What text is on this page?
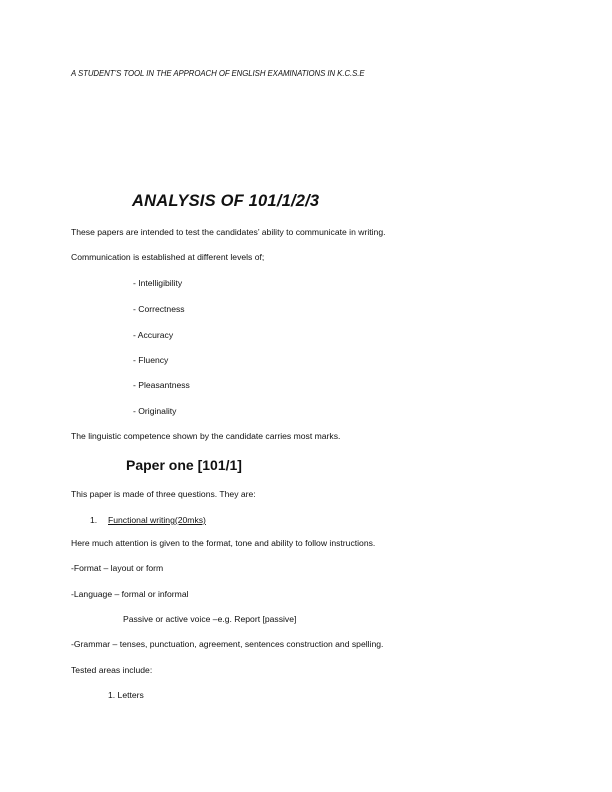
A STUDENT’S TOOL IN THE APPROACH OF ENGLISH EXAMINATIONS IN K.C.S.E

ANALYSIS OF 101/1/2/3

These papers are intended to test the candidates’ ability to communicate in writing.

Communication is established at different levels of;

- Intelligibility

- Correctness

- Accuracy

- Fluency

- Pleasantness

- Originality

The linguistic competence shown by the candidate carries most marks.

Paper one [101/1]

This paper is made of three questions. They are:

1. Functional writing(20mks)

Here much attention is given to the format, tone and ability to follow instructions.

-Format – layout or form

-Language – formal or informal

Passive or active voice –e.g. Report [passive]

-Grammar – tenses, punctuation, agreement, sentences construction and spelling.

Tested areas include:

1. Letters
